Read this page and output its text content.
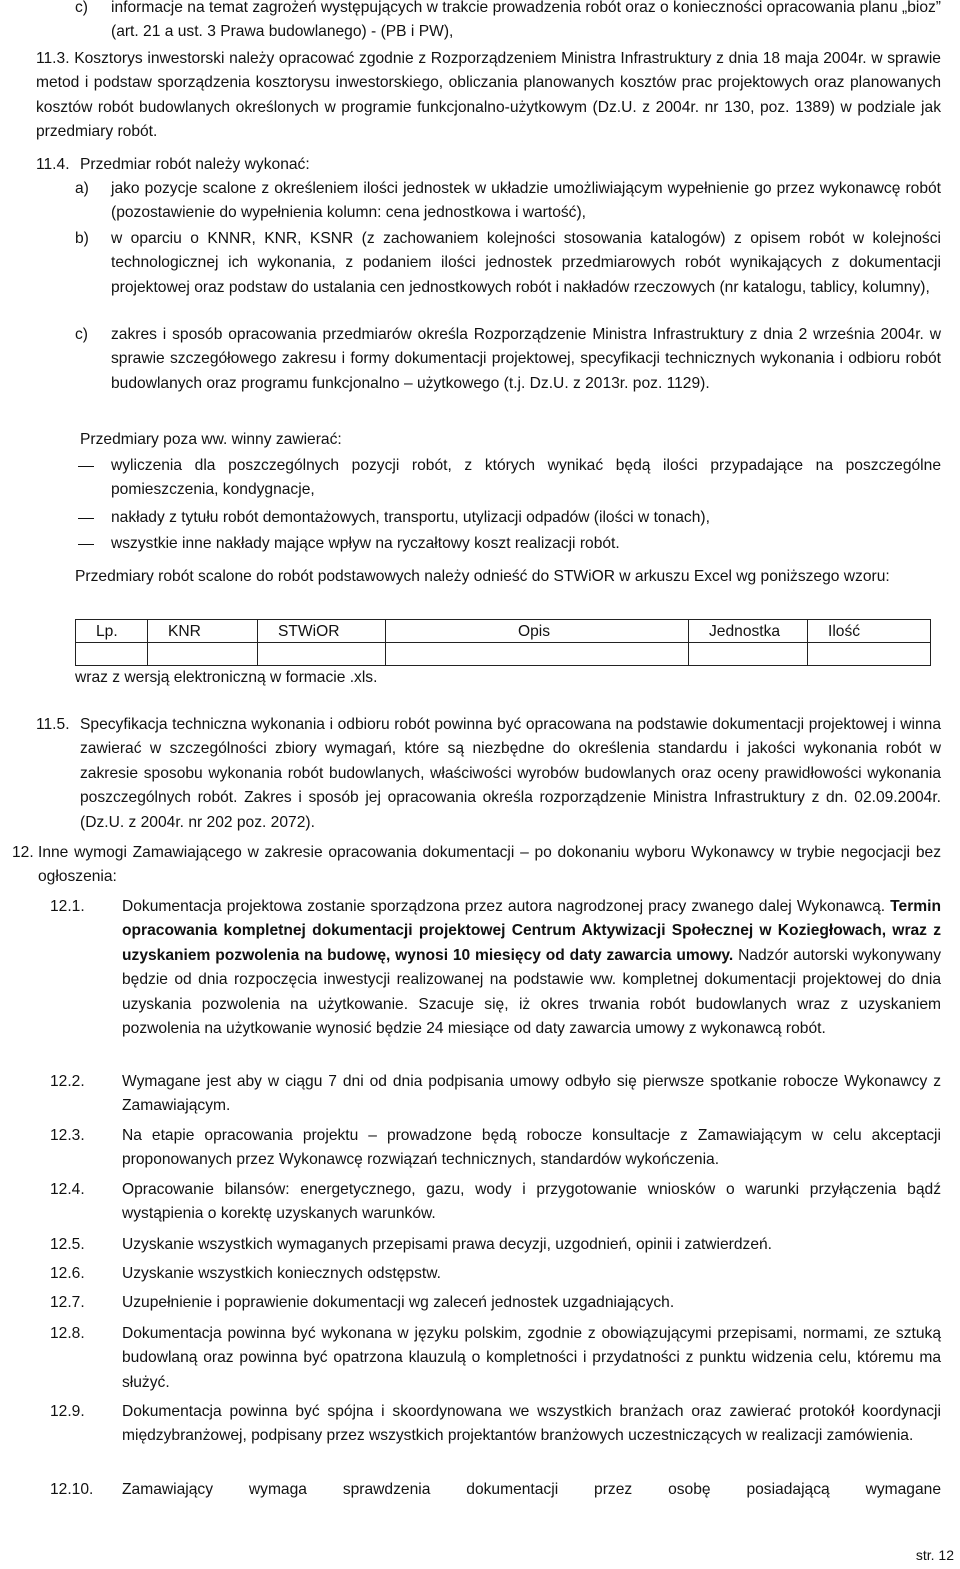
c) informacje na temat zagrożeń występujących w trakcie prowadzenia robót oraz o konieczności opracowania planu „bioz” (art. 21 a ust. 3 Prawa budowlanego) - (PB i PW),

11.3. Kosztorys inwestorski należy opracować zgodnie z Rozporządzeniem Ministra Infrastruktury z dnia 18 maja 2004r. w sprawie metod i podstaw sporządzenia kosztorysu inwestorskiego, obliczania planowanych kosztów prac projektowych oraz planowanych kosztów robót budowlanych określonych w programie funkcjonalno-użytkowym (Dz.U. z 2004r. nr 130, poz. 1389) w podziale jak przedmiary robót.

11.4. Przedmiar robót należy wykonać:
a) jako pozycje scalone z określeniem ilości jednostek w układzie umożliwiającym wypełnienie go przez wykonawcę robót (pozostawienie do wypełnienia kolumn: cena jednostkowa i wartość),

b) w oparciu o KNNR, KNR, KSNR (z zachowaniem kolejności stosowania katalogów) z opisem robót w kolejności technologicznej ich wykonania, z podaniem ilości jednostek przedmiarowych robót wynikających z dokumentacji projektowej oraz podstaw do ustalania cen jednostkowych robót i nakładów rzeczowych (nr katalogu, tablicy, kolumny),

c) zakres i sposób opracowania przedmiarów określa Rozporządzenie Ministra Infrastruktury z dnia 2 września 2004r. w sprawie szczegółowego zakresu i formy dokumentacji projektowej, specyfikacji technicznych wykonania i odbioru robót budowlanych oraz programu funkcjonalno – użytkowego (t.j. Dz.U. z 2013r. poz. 1129).

Przedmiary poza ww. winny zawierać:

wyliczenia dla poszczególnych pozycji robót, z których wynikać będą ilości przypadające na poszczególne pomieszczenia, kondygnacje,

nakłady z tytułu robót demontażowych, transportu, utylizacji odpadów (ilości w tonach),

wszystkie inne nakłady mające wpływ na ryczałtowy koszt realizacji robót.

Przedmiary robót scalone do robót podstawowych należy odnieść do STWiOR w arkuszu Excel wg poniższego wzoru:

Lp.	KNR	STWiOR	Opis	Jednostka	Ilość

wraz z wersją elektroniczną w formacie .xls.
11.5. Specyfikacja techniczna wykonania i odbioru robót powinna być opracowana na podstawie dokumentacji projektowej i winna zawierać w szczególności zbiory wymagań, które są niezbędne do określenia standardu i jakości wykonania robót w zakresie sposobu wykonania robót budowlanych, właściwości wyrobów budowlanych oraz oceny prawidłowości wykonania poszczególnych robót. Zakres i sposób jej opracowania określa rozporządzenie Ministra Infrastruktury z dn. 02.09.2004r. (Dz.U. z 2004r. nr 202 poz. 2072).

12. Inne wymogi Zamawiającego w zakresie opracowania dokumentacji – po dokonaniu wyboru Wykonawcy w trybie negocjacji bez ogłoszenia:

12.1. Dokumentacja projektowa zostanie sporządzona przez autora nagrodzonej pracy zwanego dalej Wykonawcą. Termin opracowania kompletnej dokumentacji projektowej Centrum Aktywizacji Społecznej w Koziegłowach, wraz z uzyskaniem pozwolenia na budowę, wynosi 10 miesięcy od daty zawarcia umowy. Nadzór autorski wykonywany będzie od dnia rozpoczęcia inwestycji realizowanej na podstawie ww. kompletnej dokumentacji projektowej do dnia uzyskania pozwolenia na użytkowanie. Szacuje się, iż okres trwania robót budowlanych wraz z uzyskaniem pozwolenia na użytkowanie wynosić będzie 24 miesiące od daty zawarcia umowy z wykonawcą robót.

12.2. Wymagane jest aby w ciągu 7 dni od dnia podpisania umowy odbyło się pierwsze spotkanie robocze Wykonawcy z Zamawiającym.

12.3. Na etapie opracowania projektu – prowadzone będą robocze konsultacje z Zamawiającym w celu akceptacji proponowanych przez Wykonawcę rozwiązań technicznych, standardów wykończenia.

12.4. Opracowanie bilansów: energetycznego, gazu, wody i przygotowanie wniosków o warunki przyłączenia bądź wystąpienia o korektę uzyskanych warunków.

12.5. Uzyskanie wszystkich wymaganych przepisami prawa decyzji, uzgodnień, opinii i zatwierdzeń.

12.6. Uzyskanie wszystkich koniecznych odstępstw.

12.7. Uzupełnienie i poprawienie dokumentacji wg zaleceń jednostek uzgadniających.

12.8. Dokumentacja powinna być wykonana w języku polskim, zgodnie z obowiązującymi przepisami, normami, ze sztuką budowlaną oraz powinna być opatrzona klauzulą o kompletności i przydatności z punktu widzenia celu, któremu ma służyć.

12.9. Dokumentacja powinna być spójna i skoordynowana we wszystkich branżach oraz zawierać protokół koordynacji międzybranżowej, podpisany przez wszystkich projektantów branżowych uczestniczących w realizacji zamówienia.

12.10. Zamawiający wymaga sprawdzenia dokumentacji przez osobę posiadającą wymagane

str. 12
